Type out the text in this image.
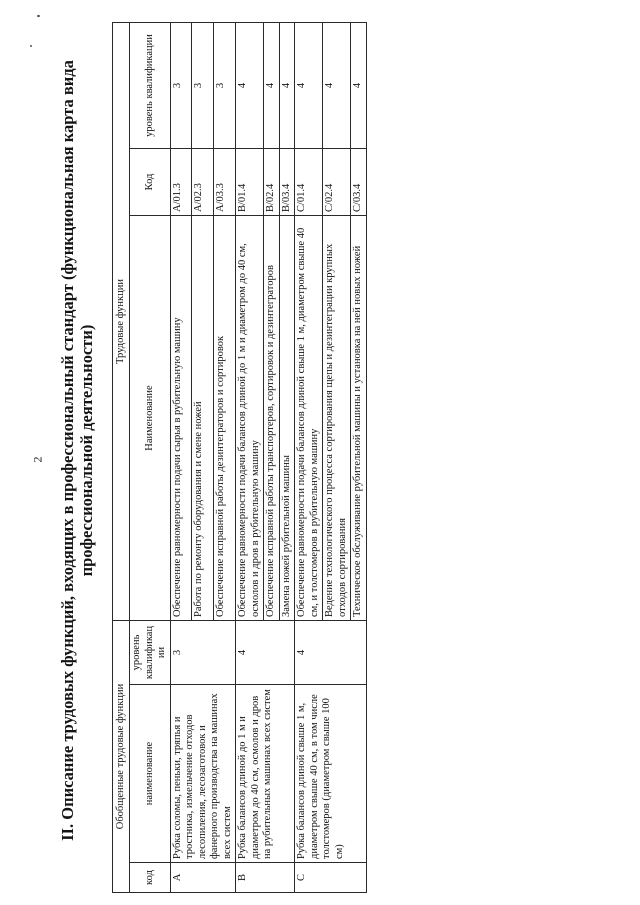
2 II. Описание трудовых функций, входящих в профессиональный стандарт (функциональная карта вида профессиональной деятельности)
Обобщенные трудовые функции			Трудовые функции		
код	наименование	уровень квалификации	Наименование	Код	уровень квалификации
А	Рубка соломы, пеньки, тряпья и тростника, измельчение отходов лесопиления, лесозаготовок и фанерного производства на машинах всех систем	3	Обеспечение равномерности подачи сырья в рубительную машину	А/01.3	3
			Работа по ремонту оборудования и смене ножей	А/02.3	3
			Обеспечение исправной работы дезинтеграторов и сортировок	А/03.3	3
В	Рубка балансов длиной до 1 м и диаметром до 40 см, осмолов и дров на рубительных машинах всех систем	4	Обеспечение равномерности подачи балансов длиной до 1 м и диаметром до 40 см, осмолов и дров в рубительную машину	В/01.4	4
			Обеспечение исправной работы транспортеров, сортировок и дезинтеграторов	В/02.4	4
			Замена ножей рубительной машины	В/03.4	4
С	Рубка балансов длиной свыше 1 м, диаметром свыше 40 см, в том числе толстомеров (диаметром свыше 100 см)	4	Обеспечение равномерности подачи балансов длиной свыше 1 м, диаметром свыше 40 см, и толстомеров в рубительную машину	С/01.4	4
			Ведение технологического процесса сортирования щепы и дезинтеграции крупных отходов сортирования	С/02.4	4
			Техническое обслуживание рубительной машины и установка на ней новых ножей	С/03.4	4
